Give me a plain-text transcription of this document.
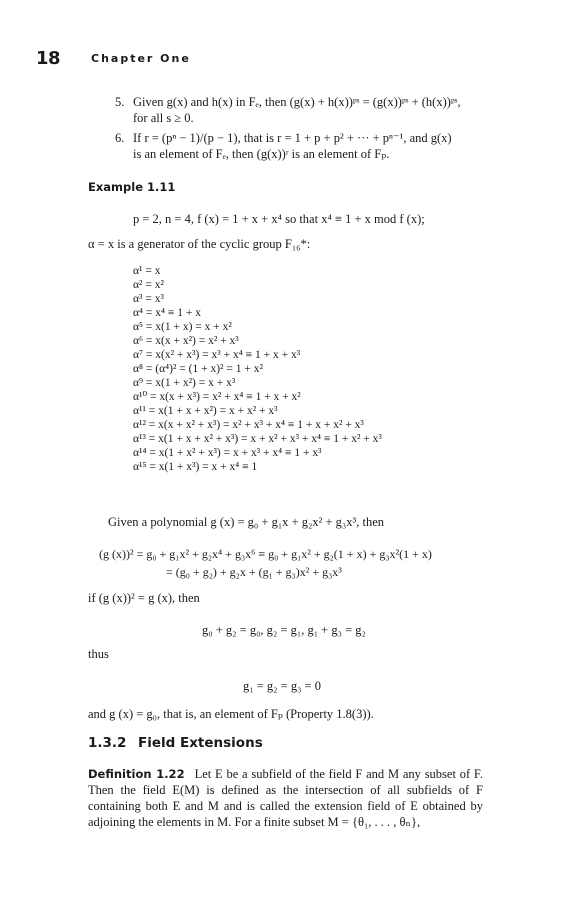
18	Chapter One
5. Given g(x) and h(x) in Fₑ, then (g(x) + h(x))ᵖˢ = (g(x))ᵖˢ + (h(x))ᵖˢ,
for all s ≥ 0.
6. If r = (pⁿ − 1)/(p − 1), that is r = 1 + p + p² + ··· + pⁿ⁻¹, and g(x)
is an element of Fₑ, then (g(x))ʳ is an element of Fₚ.
Example 1.11
p = 2, n = 4, f (x) = 1 + x + x⁴ so that x⁴ ≡ 1 + x mod f (x);
α = x is a generator of the cyclic group F₁₆*:
α¹ = x
α² = x²
α³ = x³
α⁴ = x⁴ ≡ 1 + x
α⁵ = x(1 + x) = x + x²
α⁶ = x(x + x²) = x² + x³
α⁷ = x(x² + x³) = x³ + x⁴ ≡ 1 + x + x³
α⁸ = (α⁴)² = (1 + x)² = 1 + x²
α⁹ = x(1 + x²) = x + x³
α¹⁰ = x(x + x³) = x² + x⁴ ≡ 1 + x + x²
α¹¹ = x(1 + x + x²) = x + x² + x³
α¹² = x(x + x² + x³) = x² + x³ + x⁴ ≡ 1 + x + x² + x³
α¹³ = x(1 + x + x² + x³) = x + x² + x³ + x⁴ ≡ 1 + x² + x³
α¹⁴ = x(1 + x² + x³) = x + x³ + x⁴ ≡ 1 + x³
α¹⁵ = x(1 + x³) = x + x⁴ ≡ 1
Given a polynomial g (x) = g₀ + g₁x + g₂x² + g₃x³, then
(g (x))² = g₀ + g₁x² + g₂x⁴ + g₃x⁶ ≡ g₀ + g₁x² + g₂(1 + x) + g₃x²(1 + x)
= (g₀ + g₂) + g₂x + (g₁ + g₃)x² + g₃x³
if (g (x))² = g (x), then
g₀ + g₂ = g₀, g₂ = g₁, g₁ + g₃ = g₂
thus
g₁ = g₂ = g₃ = 0
and g (x) = g₀, that is, an element of Fₚ (Property 1.8(3)).
1.3.2 Field Extensions
Definition 1.22 Let E be a subfield of the field F and M any subset of F. Then the field E(M) is defined as the intersection of all subfields of F containing both E and M and is called the extension field of E obtained by adjoining the elements in M. For a finite subset M = {θ₁, . . . , θₙ},
